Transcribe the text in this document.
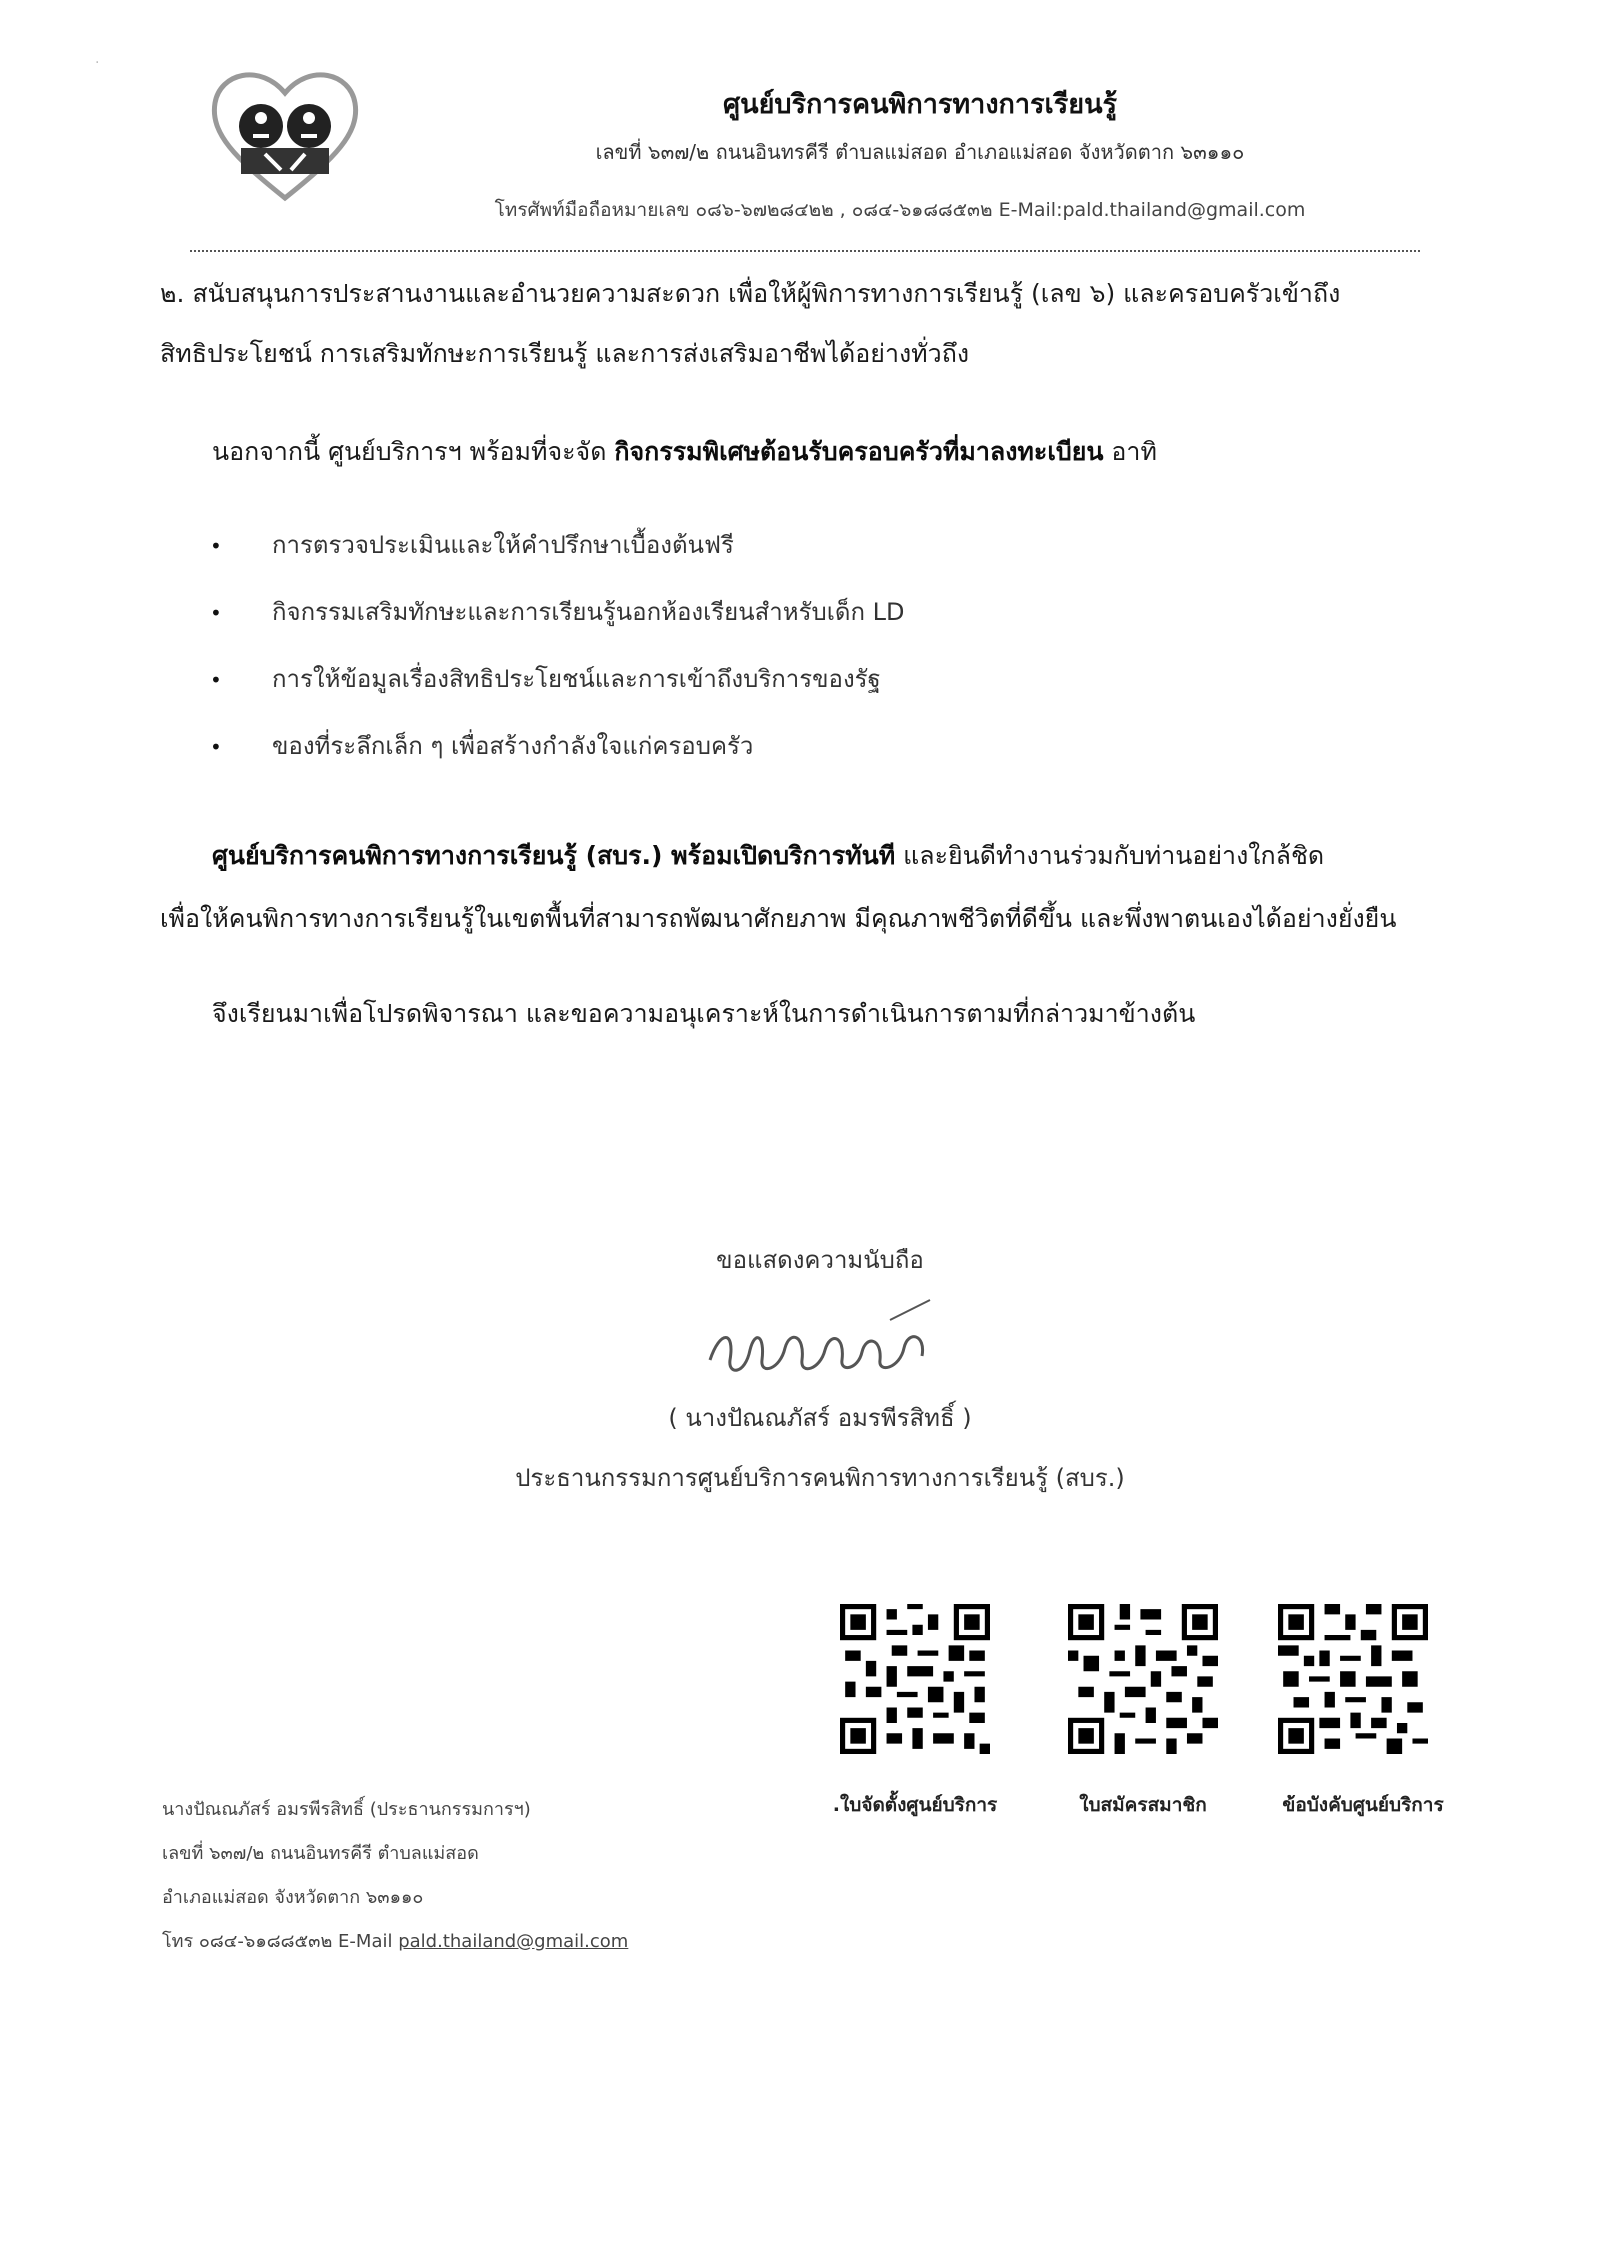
·
ศูนย์บริการคนพิการทางการเรียนรู้
เลขที่ ๖๓๗/๒ ถนนอินทรคีรี ตำบลแม่สอด อำเภอแม่สอด จังหวัดตาก ๖๓๑๑๐
โทรศัพท์มือถือหมายเลข ๐๘๖-๖๗๒๘๔๒๒ , ๐๘๔-๖๑๘๘๕๓๒ E-Mail:pald.thailand@gmail.com
๒. สนับสนุนการประสานงานและอำนวยความสะดวก เพื่อให้ผู้พิการทางการเรียนรู้ (เลข ๖) และครอบครัวเข้าถึง
สิทธิประโยชน์ การเสริมทักษะการเรียนรู้ และการส่งเสริมอาชีพได้อย่างทั่วถึง
นอกจากนี้ ศูนย์บริการฯ พร้อมที่จะจัด กิจกรรมพิเศษต้อนรับครอบครัวที่มาลงทะเบียน อาทิ
• การตรวจประเมินและให้คำปรึกษาเบื้องต้นฟรี
• กิจกรรมเสริมทักษะและการเรียนรู้นอกห้องเรียนสำหรับเด็ก LD
• การให้ข้อมูลเรื่องสิทธิประโยชน์และการเข้าถึงบริการของรัฐ
• ของที่ระลึกเล็ก ๆ เพื่อสร้างกำลังใจแก่ครอบครัว
ศูนย์บริการคนพิการทางการเรียนรู้ (สบร.) พร้อมเปิดบริการทันที และยินดีทำงานร่วมกับท่านอย่างใกล้ชิด
เพื่อให้คนพิการทางการเรียนรู้ในเขตพื้นที่สามารถพัฒนาศักยภาพ มีคุณภาพชีวิตที่ดีขึ้น และพึ่งพาตนเองได้อย่างยั่งยืน
จึงเรียนมาเพื่อโปรดพิจารณา และขอความอนุเคราะห์ในการดำเนินการตามที่กล่าวมาข้างต้น
ขอแสดงความนับถือ
( นางปัณณภัสร์ อมรพีรสิทธิ์ )
ประธานกรรมการศูนย์บริการคนพิการทางการเรียนรู้ (สบร.)
.ใบจัดตั้งศูนย์บริการ	ใบสมัครสมาชิก	ข้อบังคับศูนย์บริการ
นางปัณณภัสร์ อมรพีรสิทธิ์ (ประธานกรรมการฯ)
เลขที่ ๖๓๗/๒ ถนนอินทรคีรี ตำบลแม่สอด
อำเภอแม่สอด จังหวัดตาก ๖๓๑๑๐
โทร ๐๘๔-๖๑๘๘๕๓๒ E-Mail pald.thailand@gmail.com
